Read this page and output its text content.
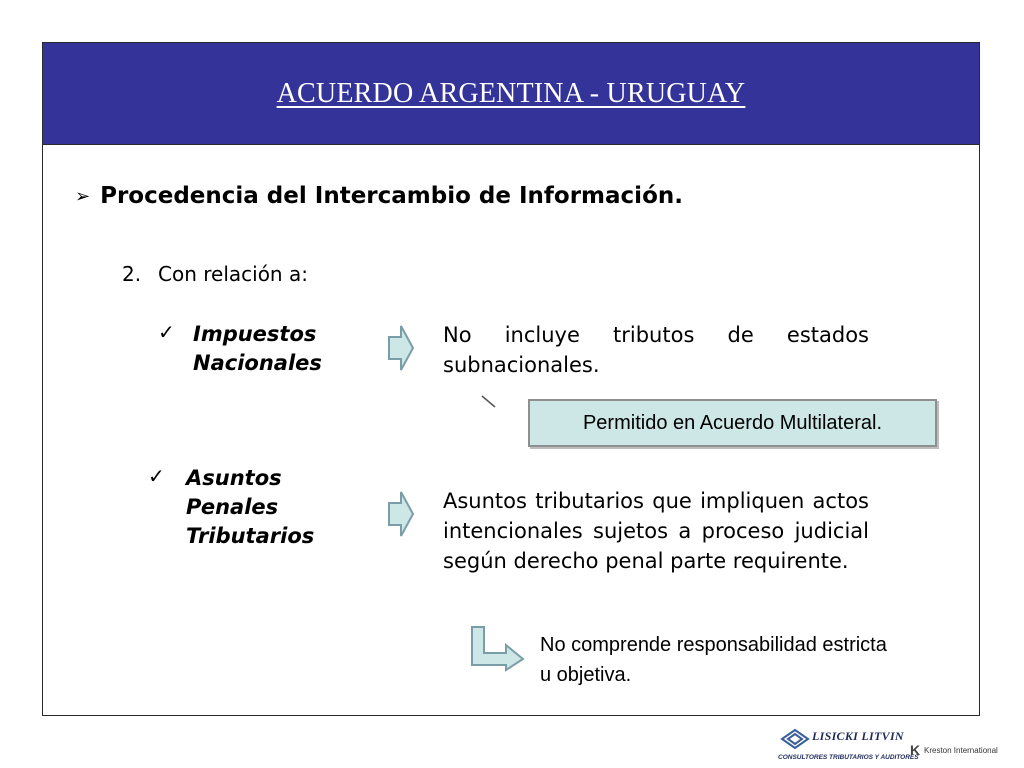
ACUERDO ARGENTINA - URUGUAY
➢ Procedencia del Intercambio de Información.
2. Con relación a:
✓ Impuestos
Nacionales
No incluye tributos de estados subnacionales.
Permitido en Acuerdo Multilateral.
✓ Asuntos
Penales
Tributarios
Asuntos tributarios que impliquen actos intencionales sujetos a proceso judicial según derecho penal parte requirente.
No comprende responsabilidad estricta u objetiva.
LISICKI LITVIN
CONSULTORES TRIBUTARIOS Y AUDITORES
K Kreston International
